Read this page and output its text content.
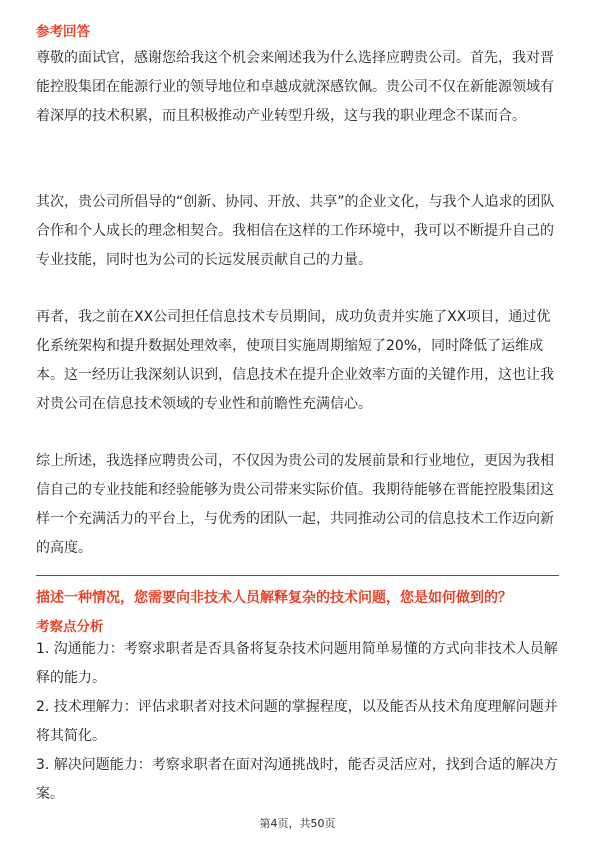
参考回答
尊敬的面试官，感谢您给我这个机会来阐述我为什么选择应聘贵公司。首先，我对晋能控股集团在能源行业的领导地位和卓越成就深感钦佩。贵公司不仅在新能源领域有着深厚的技术积累，而且积极推动产业转型升级，这与我的职业理念不谋而合。
其次，贵公司所倡导的“创新、协同、开放、共享”的企业文化，与我个人追求的团队合作和个人成长的理念相契合。我相信在这样的工作环境中，我可以不断提升自己的专业技能，同时也为公司的长远发展贡献自己的力量。
再者，我之前在XX公司担任信息技术专员期间，成功负责并实施了XX项目，通过优化系统架构和提升数据处理效率，使项目实施周期缩短了20%，同时降低了运维成本。这一经历让我深刻认识到，信息技术在提升企业效率方面的关键作用，这也让我对贵公司在信息技术领域的专业性和前瞻性充满信心。
综上所述，我选择应聘贵公司，不仅因为贵公司的发展前景和行业地位，更因为我相信自己的专业技能和经验能够为贵公司带来实际价值。我期待能够在晋能控股集团这样一个充满活力的平台上，与优秀的团队一起，共同推动公司的信息技术工作迈向新的高度。
描述一种情况，您需要向非技术人员解释复杂的技术问题，您是如何做到的？
考察点分析
1. 沟通能力：考察求职者是否具备将复杂技术问题用简单易懂的方式向非技术人员解释的能力。
2. 技术理解力：评估求职者对技术问题的掌握程度，以及能否从技术角度理解问题并将其简化。
3. 解决问题能力：考察求职者在面对沟通挑战时，能否灵活应对，找到合适的解决方案。
第4页，共50页
